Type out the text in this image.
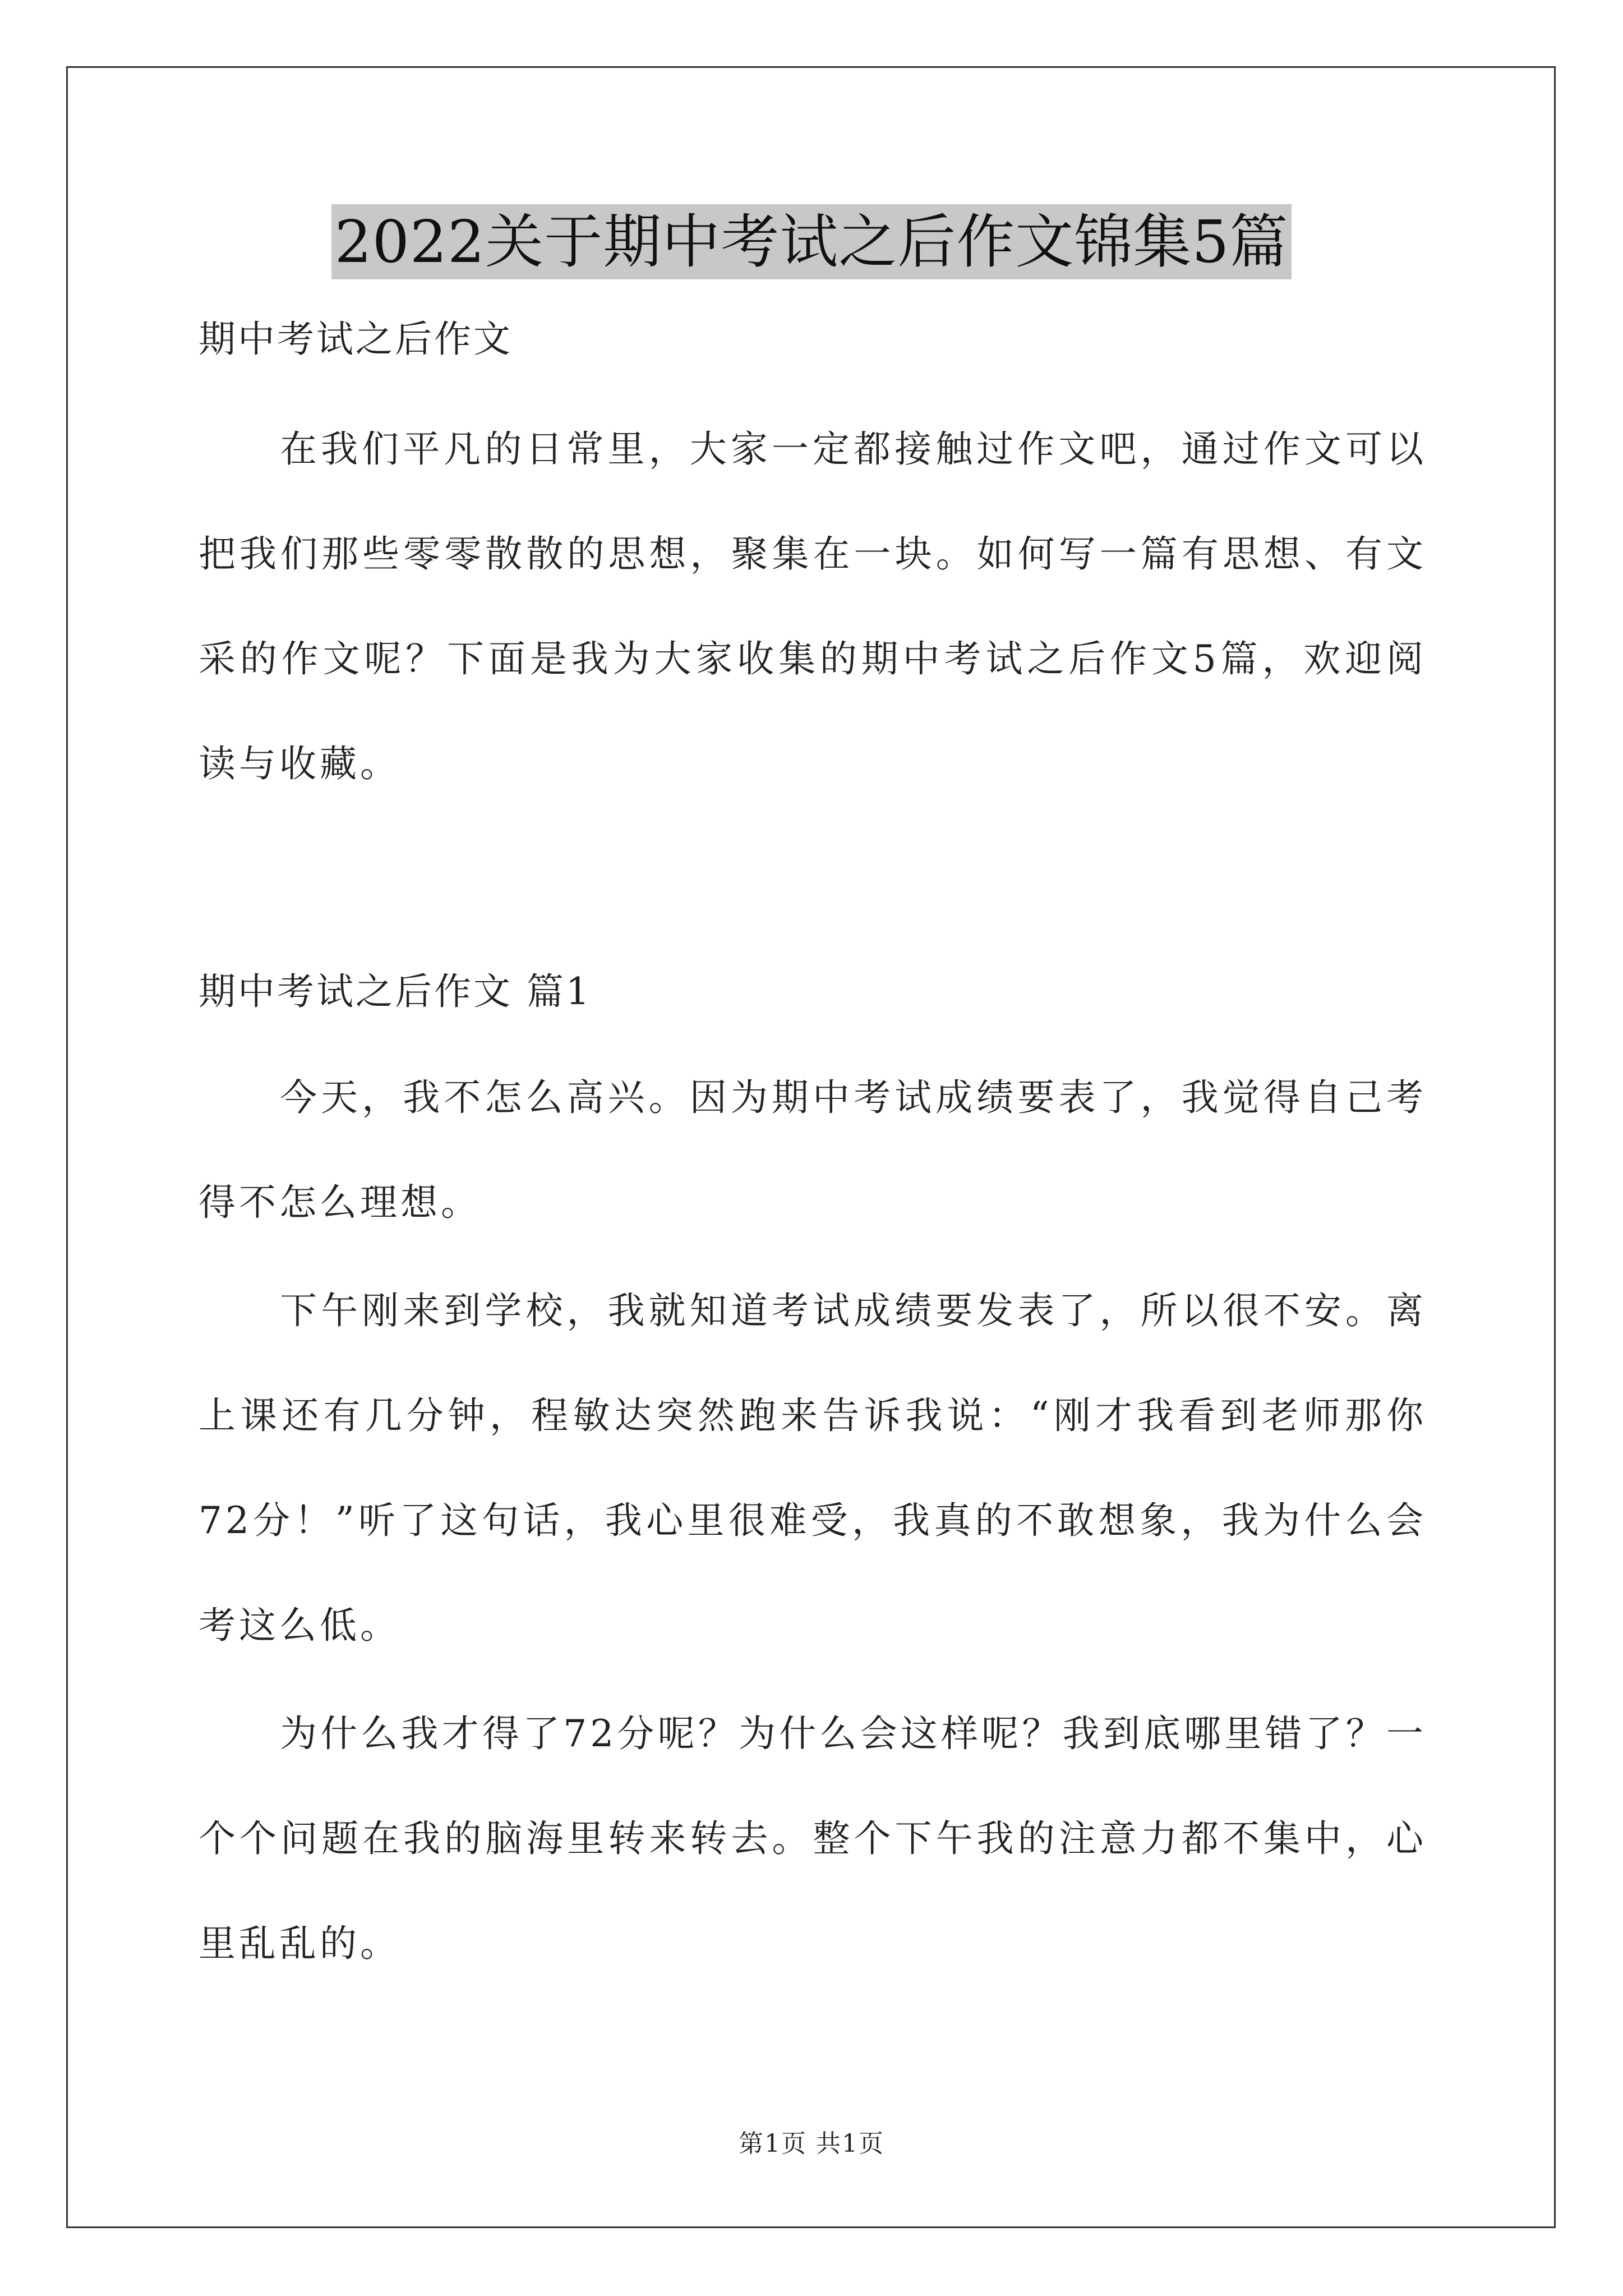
2022关于期中考试之后作文锦集5篇

期中考试之后作文

在我们平凡的日常里，大家一定都接触过作文吧，通过作文可以把我们那些零零散散的思想，聚集在一块。如何写一篇有思想、有文采的作文呢？下面是我为大家收集的期中考试之后作文5篇，欢迎阅读与收藏。

期中考试之后作文 篇1

今天，我不怎么高兴。因为期中考试成绩要表了，我觉得自己考得不怎么理想。

下午刚来到学校，我就知道考试成绩要发表了，所以很不安。离上课还有几分钟，程敏达突然跑来告诉我说：“刚才我看到老师那你72分！”听了这句话，我心里很难受，我真的不敢想象，我为什么会考这么低。

为什么我才得了72分呢？为什么会这样呢？我到底哪里错了？一个个问题在我的脑海里转来转去。整个下午我的注意力都不集中，心里乱乱的。

第1页 共1页
